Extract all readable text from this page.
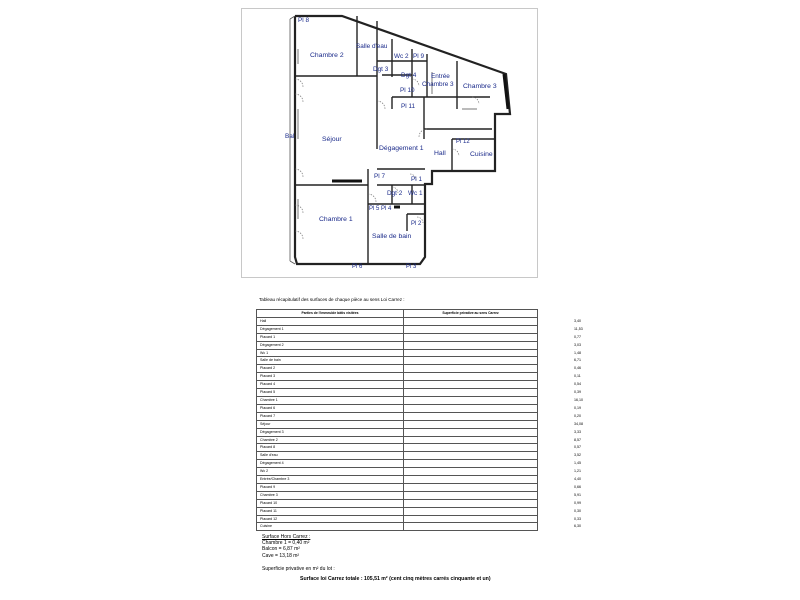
Pl 8
Chambre 2
Salle d'eau
Wc 2 Pl 9
Dgt 3
Dgt 4 Entrée
Chambre 3 Chambre 3
Pl 10
Pl 11
Séjour
Bal
Dégagement 1
Pl 12
Hall	Cuisine
Pl 7	Pl 1
Dgt 2 Wc 1
Chambre 1
Pl 5 Pl 4
Pl 2
Salle de bain
Pl 6	Pl 3
Tableau récapitulatif des surfaces de chaque pièce au sens Loi Carrez :
Parties de l'immeuble bâtis visitées	Superficie privative au sens Carrez
Hall	3,40
Dégagement 1	11,53
Placard 1	0,77
Dégagement 2	3,03
Wc 1	1,48
Salle de bain	6,71
Placard 2	0,46
Placard 3	0,11
Placard 4	0,54
Placard 5	0,39
Chambre 1	16,10
Placard 6	0,19
Placard 7	0,20
Séjour	34,08
Dégagement 3	3,33
Chambre 2	8,57
Placard 8	0,57
Salle d'eau	3,52
Dégagement 4	1,45
Wc 2	1,21
Entrée/Chambre 3	4,40
Placard 9	0,66
Chambre 3	5,91
Placard 10	0,99
Placard 11	0,30
Placard 12	0,33
Cuisine	6,30
Surface Hors Carrez :
Chambre 1 = 0,40 m²
Balcon = 6,87 m²
Cave = 13,18 m²
Superficie privative en m² du lot :
Surface loi Carrez totale : 105,51 m² (cent cinq mètres carrés cinquante et un)
